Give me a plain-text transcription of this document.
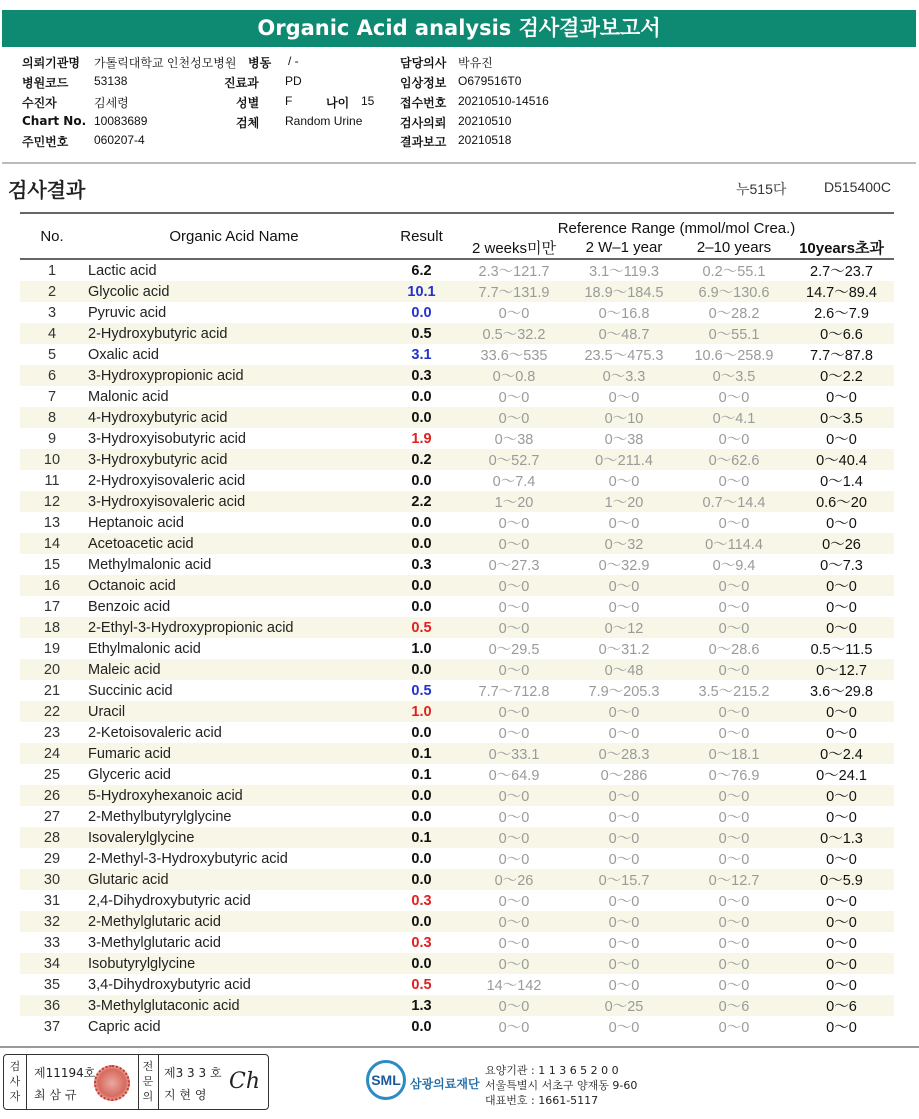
Organic Acid analysis 검사결과보고서
의뢰기관명 가톨릭대학교 인천성모병원 병동 / -	담당의사 박유진
병원코드 53138	진료과 PD	임상정보 O679516T0
수진자	김세령	성별 F	나이 15 접수번호 20210510-14516
Chart No. 10083689	검체 Random Urine	검사의뢰 20210510
주민번호 060207-4	결과보고 20210518
검사결과	누515다	D515400C
No.	Organic Acid Name	Result	Reference Range (mmol/mol Crea.)			
			2 weeks미만	2 W–1 year	2–10 years	10years초과
1	Lactic acid	6.2	2.3～121.7	3.1～119.3	0.2～55.1	2.7～23.7
2	Glycolic acid	10.1	7.7～131.9	18.9～184.5	6.9～130.6	14.7～89.4
3	Pyruvic acid	0.0	0～0	0～16.8	0～28.2	2.6～7.9
4	2-Hydroxybutyric acid	0.5	0.5～32.2	0～48.7	0～55.1	0～6.6
5	Oxalic acid	3.1	33.6～535	23.5～475.3	10.6～258.9	7.7～87.8
6	3-Hydroxypropionic acid	0.3	0～0.8	0～3.3	0～3.5	0～2.2
7	Malonic acid	0.0	0～0	0～0	0～0	0～0
8	4-Hydroxybutyric acid	0.0	0～0	0～10	0～4.1	0～3.5
9	3-Hydroxyisobutyric acid	1.9	0～38	0～38	0～0	0～0
10	3-Hydroxybutyric acid	0.2	0～52.7	0～211.4	0～62.6	0～40.4
11	2-Hydroxyisovaleric acid	0.0	0～7.4	0～0	0～0	0～1.4
12	3-Hydroxyisovaleric acid	2.2	1～20	1～20	0.7～14.4	0.6～20
13	Heptanoic acid	0.0	0～0	0～0	0～0	0～0
14	Acetoacetic acid	0.0	0～0	0～32	0～114.4	0～26
15	Methylmalonic acid	0.3	0～27.3	0～32.9	0～9.4	0～7.3
16	Octanoic acid	0.0	0～0	0～0	0～0	0～0
17	Benzoic acid	0.0	0～0	0～0	0～0	0～0
18	2-Ethyl-3-Hydroxypropionic acid	0.5	0～0	0～12	0～0	0～0
19	Ethylmalonic acid	1.0	0～29.5	0～31.2	0～28.6	0.5～11.5
20	Maleic acid	0.0	0～0	0～48	0～0	0～12.7
21	Succinic acid	0.5	7.7～712.8	7.9～205.3	3.5～215.2	3.6～29.8
22	Uracil	1.0	0～0	0～0	0～0	0～0
23	2-Ketoisovaleric acid	0.0	0～0	0～0	0～0	0～0
24	Fumaric acid	0.1	0～33.1	0～28.3	0～18.1	0～2.4
25	Glyceric acid	0.1	0～64.9	0～286	0～76.9	0～24.1
26	5-Hydroxyhexanoic acid	0.0	0～0	0～0	0～0	0～0
27	2-Methylbutyrylglycine	0.0	0～0	0～0	0～0	0～0
28	Isovalerylglycine	0.1	0～0	0～0	0～0	0～1.3
29	2-Methyl-3-Hydroxybutyric acid	0.0	0～0	0～0	0～0	0～0
30	Glutaric acid	0.0	0～26	0～15.7	0～12.7	0～5.9
31	2,4-Dihydroxybutyric acid	0.3	0～0	0～0	0～0	0～0
32	2-Methylglutaric acid	0.0	0～0	0～0	0～0	0～0
33	3-Methylglutaric acid	0.3	0～0	0～0	0～0	0～0
34	Isobutyrylglycine	0.0	0～0	0～0	0～0	0～0
35	3,4-Dihydroxybutyric acid	0.5	14～142	0～0	0～0	0～0
36	3-Methylglutaconic acid	1.3	0～0	0～25	0～6	0～6
37	Capric acid	0.0	0～0	0～0	0～0	0～0
검사자
제11194호
최 삼 규
전문의
제3 3 3 호
지 현 영
Ch	SML 삼광의료재단
요양기관 : 1 1 3 6 5 2 0 0
서울특별시 서초구 양재동 9-60
대표번호 : 1661-5117
